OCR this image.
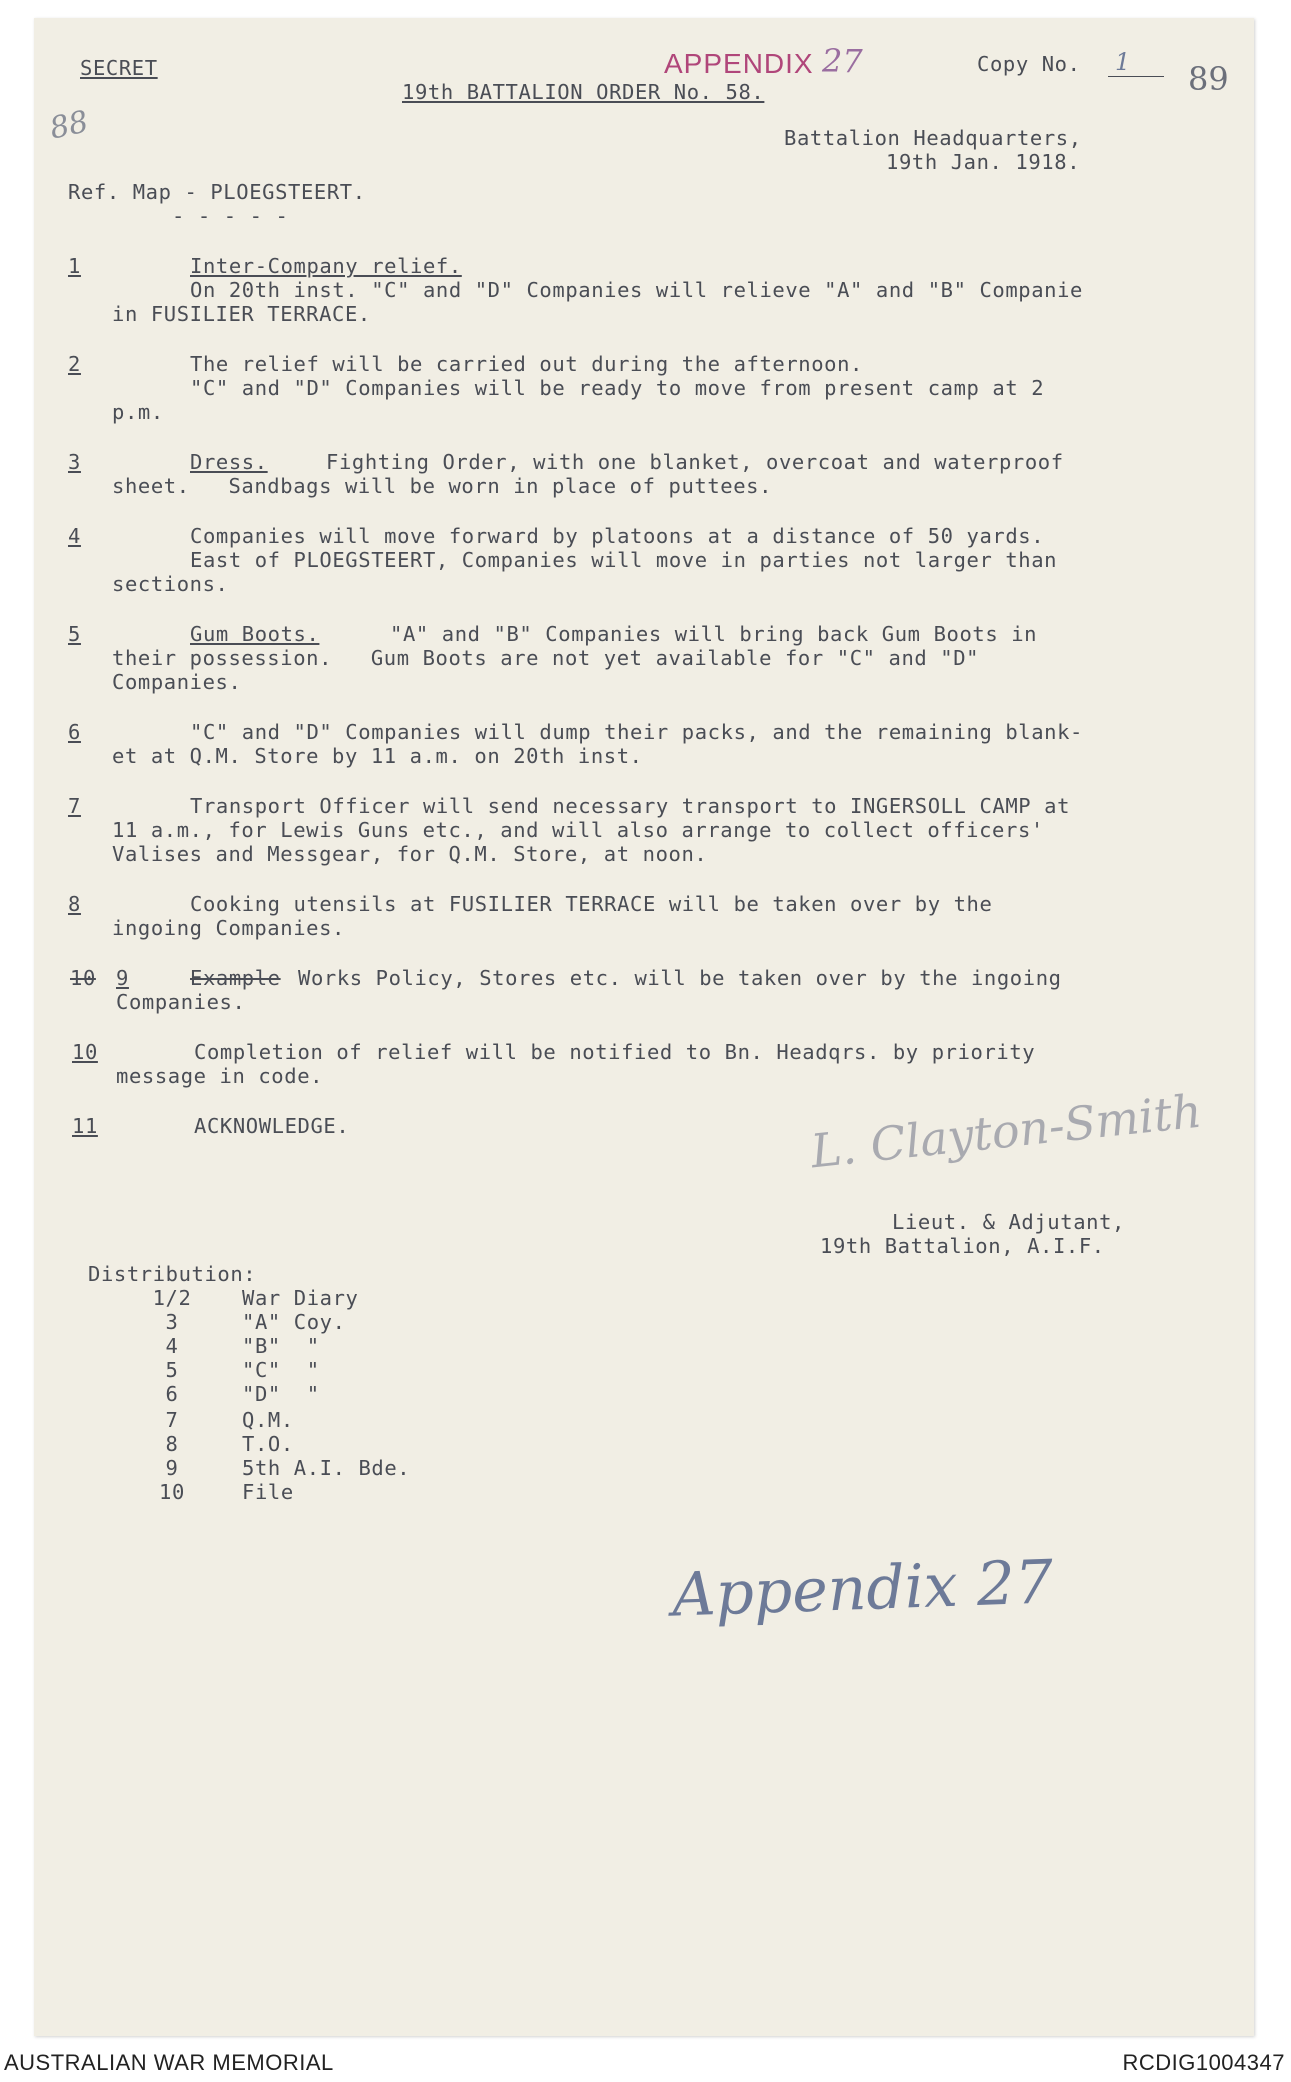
SECRET	APPENDIX 27	Copy No. 1 89
19th BATTALION ORDER No. 58.
88	Battalion Headquarters,
19th Jan. 1918.
Ref. Map - PLOEGSTEERT.
- - - - -
1	Inter-Company relief.
On 20th inst. "C" and "D" Companies will relieve "A" and "B" Companie
in FUSILIER TERRACE.
2	The relief will be carried out during the afternoon.
"C" and "D" Companies will be ready to move from present camp at 2
p.m.
3	Dress.	Fighting Order, with one blanket, overcoat and waterproof
sheet.   Sandbags will be worn in place of puttees.
4	Companies will move forward by platoons at a distance of 50 yards.
East of PLOEGSTEERT, Companies will move in parties not larger than
sections.
5	Gum Boots.	"A" and "B" Companies will bring back Gum Boots in
their possession.   Gum Boots are not yet available for "C" and "D"
Companies.
6	"C" and "D" Companies will dump their packs, and the remaining blank-
et at Q.M. Store by 11 a.m. on 20th inst.
7	Transport Officer will send necessary transport to INGERSOLL CAMP at
11 a.m., for Lewis Guns etc., and will also arrange to collect officers'
Valises and Messgear, for Q.M. Store, at noon.
8	Cooking utensils at FUSILIER TERRACE will be taken over by the
ingoing Companies.
10 9	Example Works Policy, Stores etc. will be taken over by the ingoing
Companies.
10	Completion of relief will be notified to Bn. Headqrs. by priority
message in code.
11	ACKNOWLEDGE.	L. Clayton-Smith
Lieut. & Adjutant,
19th Battalion, A.I.F.
Distribution:
1/2	War Diary
3	"A" Coy.
4	"B"  "
5	"C"  "
6	"D"  "
7	Q.M.
8	T.O.
9	5th A.I. Bde.
10	File
Appendix 27
AUSTRALIAN WAR MEMORIAL	RCDIG1004347
